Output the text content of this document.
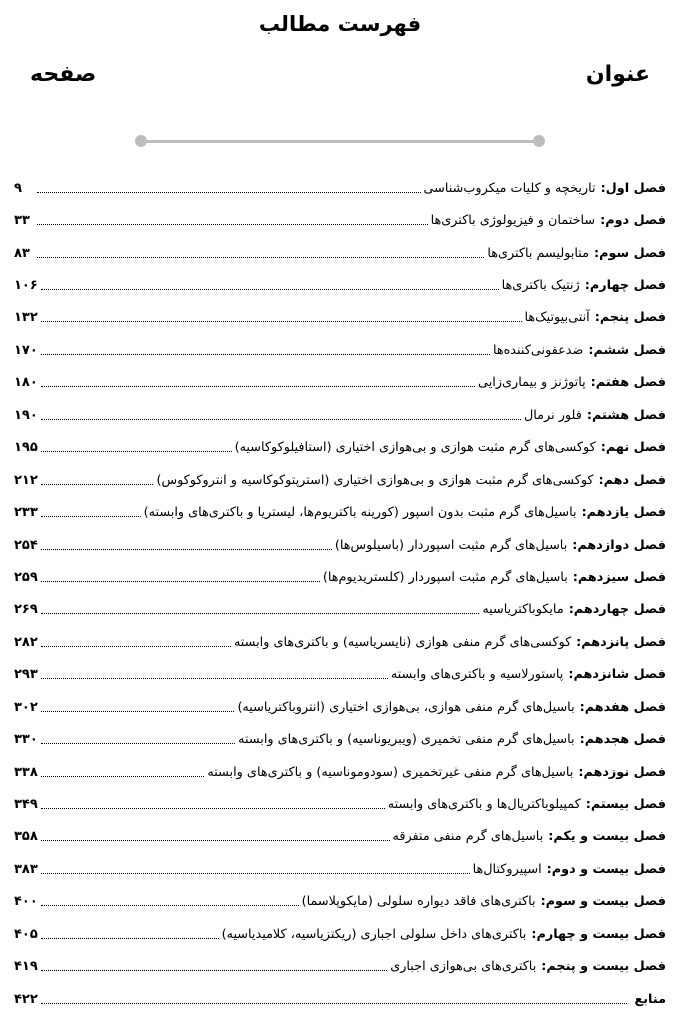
فهرست مطالب
عنوان
صفحه
فصل اول:
تاریخچه و کلیات میکروب‌شناسی
۹
فصل دوم:
ساختمان و فیزیولوژی باکتری‌ها
۳۳
فصل سوم:
متابولیسم باکتری‌ها
۸۳
فصل چهارم:
ژنتیک باکتری‌ها
۱۰۶
فصل پنجم:
آنتی‌بیوتیک‌ها
۱۳۲
فصل ششم:
ضدعفونی‌کننده‌ها
۱۷۰
فصل هفتم:
پاتوژنز و بیماری‌زایی
۱۸۰
فصل هشتم:
فلور نرمال
۱۹۰
فصل نهم:
کوکسی‌های گرم مثبت هوازی و بی‌هوازی اختیاری (استافیلوکوکاسیه)
۱۹۵
فصل دهم:
کوکسی‌های گرم مثبت هوازی و بی‌هوازی اختیاری (استرپتوکوکاسیه و انتروکوکوس)
۲۱۲
فصل یازدهم:
باسیل‌های گرم مثبت بدون اسپور (کورینه باکتریوم‌ها، لیستریا و باکتری‌های وابسته)
۲۳۳
فصل دوازدهم:
باسیل‌های گرم مثبت اسپوردار (باسیلوس‌ها)
۲۵۴
فصل سیزدهم:
باسیل‌های گرم مثبت اسپوردار (کلستریدیوم‌ها)
۲۵۹
فصل چهاردهم:
مایکوباکتریاسیه
۲۶۹
فصل پانزدهم:
کوکسی‌های گرم منفی هوازی (نایسریاسیه) و باکتری‌های وابسته
۲۸۲
فصل شانزدهم:
پاستورلاسیه و باکتری‌های وابسته
۲۹۳
فصل هفدهم:
باسیل‌های گرم منفی هوازی، بی‌هوازی اختیاری (انتروباکتریاسیه)
۳۰۲
فصل هجدهم:
باسیل‌های گرم منفی تخمیری (ویبریوناسیه) و باکتری‌های وابسته
۳۳۰
فصل نوزدهم:
باسیل‌های گرم منفی غیرتخمیری (سودوموناسیه) و باکتری‌های وابسته
۳۳۸
فصل بیستم:
کمپیلوباکتریال‌ها و باکتری‌های وابسته
۳۴۹
فصل بیست و یکم:
باسیل‌های گرم منفی متفرقه
۳۵۸
فصل بیست و دوم:
اسپیروکتال‌ها
۳۸۳
فصل بیست و سوم:
باکتری‌های فاقد دیواره سلولی (مایکوپلاسما)
۴۰۰
فصل بیست و چهارم:
باکتری‌های داخل سلولی اجباری (ریکتزیاسیه، کلامیدیاسیه)
۴۰۵
فصل بیست و پنجم:
باکتری‌های بی‌هوازی اجباری
۴۱۹
منابع
۴۲۲
